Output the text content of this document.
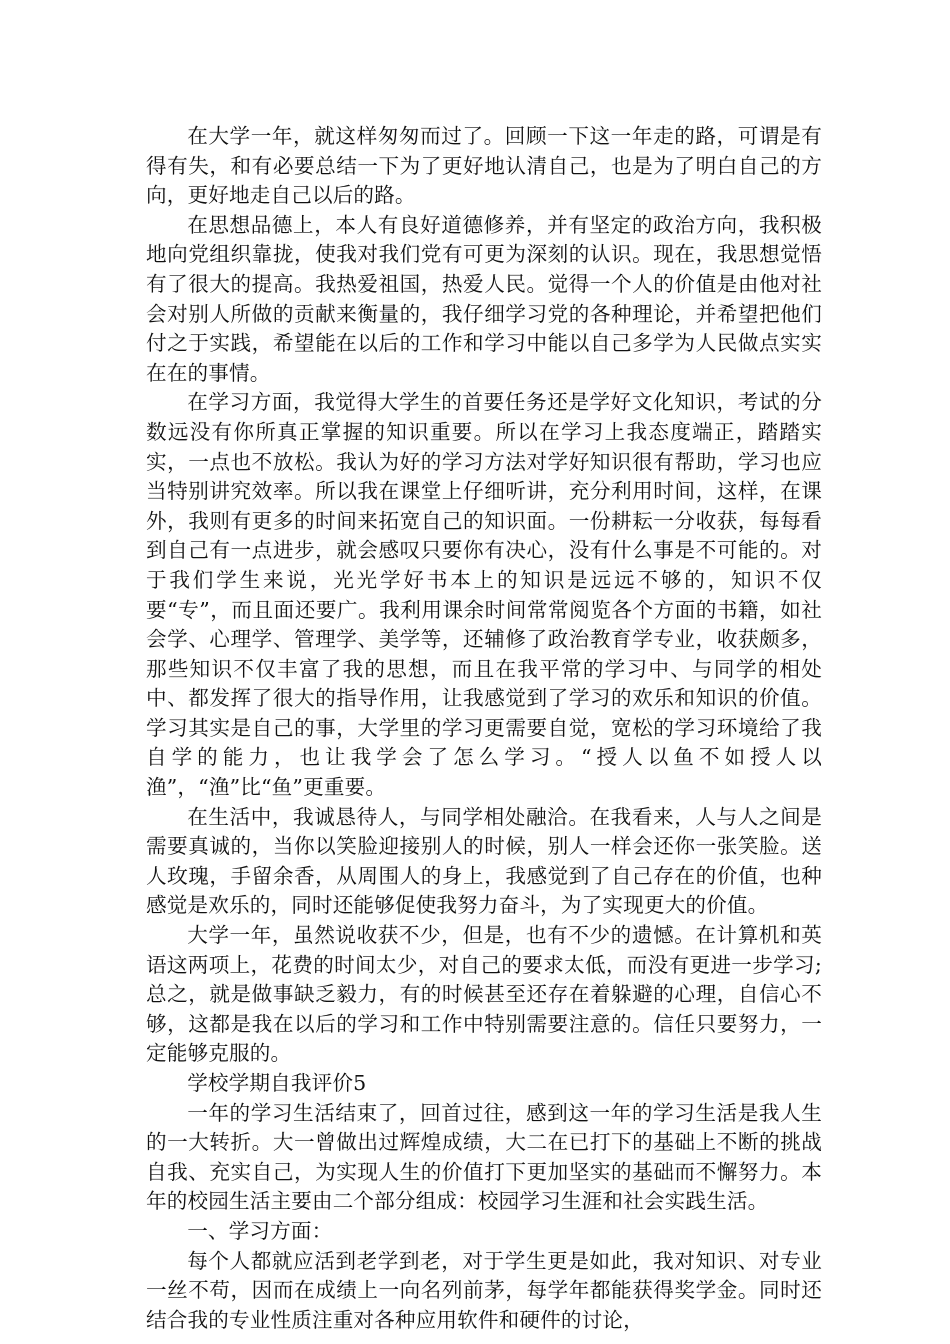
在大学一年，就这样匆匆而过了。回顾一下这一年走的路，可谓是有得有失，和有必要总结一下为了更好地认清自己，也是为了明白自己的方向，更好地走自己以后的路。

在思想品德上，本人有良好道德修养，并有坚定的政治方向，我积极地向党组织靠拢，使我对我们党有可更为深刻的认识。现在，我思想觉悟有了很大的提高。我热爱祖国，热爱人民。觉得一个人的价值是由他对社会对别人所做的贡献来衡量的，我仔细学习党的各种理论，并希望把他们付之于实践，希望能在以后的工作和学习中能以自己多学为人民做点实实在在的事情。

在学习方面，我觉得大学生的首要任务还是学好文化知识，考试的分数远没有你所真正掌握的知识重要。所以在学习上我态度端正，踏踏实实，一点也不放松。我认为好的学习方法对学好知识很有帮助，学习也应当特别讲究效率。所以我在课堂上仔细听讲，充分利用时间，这样，在课外，我则有更多的时间来拓宽自己的知识面。一份耕耘一分收获，每每看到自己有一点进步，就会感叹只要你有决心，没有什么事是不可能的。对于我们学生来说，光光学好书本上的知识是远远不够的，知识不仅要“专”，而且面还要广。我利用课余时间常常阅览各个方面的书籍，如社会学、心理学、管理学、美学等，还辅修了政治教育学专业，收获颇多，那些知识不仅丰富了我的思想，而且在我平常的学习中、与同学的相处中、都发挥了很大的指导作用，让我感觉到了学习的欢乐和知识的价值。学习其实是自己的事，大学里的学习更需要自觉，宽松的学习环境给了我自学的能力，也让我学会了怎么学习。“授人以鱼不如授人以渔”，“渔”比“鱼”更重要。

在生活中，我诚恳待人，与同学相处融洽。在我看来，人与人之间是需要真诚的，当你以笑脸迎接别人的时候，别人一样会还你一张笑脸。送人玫瑰，手留余香，从周围人的身上，我感觉到了自己存在的价值，也种感觉是欢乐的，同时还能够促使我努力奋斗，为了实现更大的价值。

大学一年，虽然说收获不少，但是，也有不少的遗憾。在计算机和英语这两项上，花费的时间太少，对自己的要求太低，而没有更进一步学习;总之，就是做事缺乏毅力，有的时候甚至还存在着躲避的心理，自信心不够，这都是我在以后的学习和工作中特别需要注意的。信任只要努力，一定能够克服的。

学校学期自我评价5

一年的学习生活结束了，回首过往，感到这一年的学习生活是我人生的一大转折。大一曾做出过辉煌成绩，大二在已打下的基础上不断的挑战自我、充实自己，为实现人生的价值打下更加坚实的基础而不懈努力。本年的校园生活主要由二个部分组成：校园学习生涯和社会实践生活。

一、学习方面：

每个人都就应活到老学到老，对于学生更是如此，我对知识、对专业一丝不苟，因而在成绩上一向名列前茅，每学年都能获得奖学金。同时还结合我的专业性质注重对各种应用软件和硬件的讨论，
